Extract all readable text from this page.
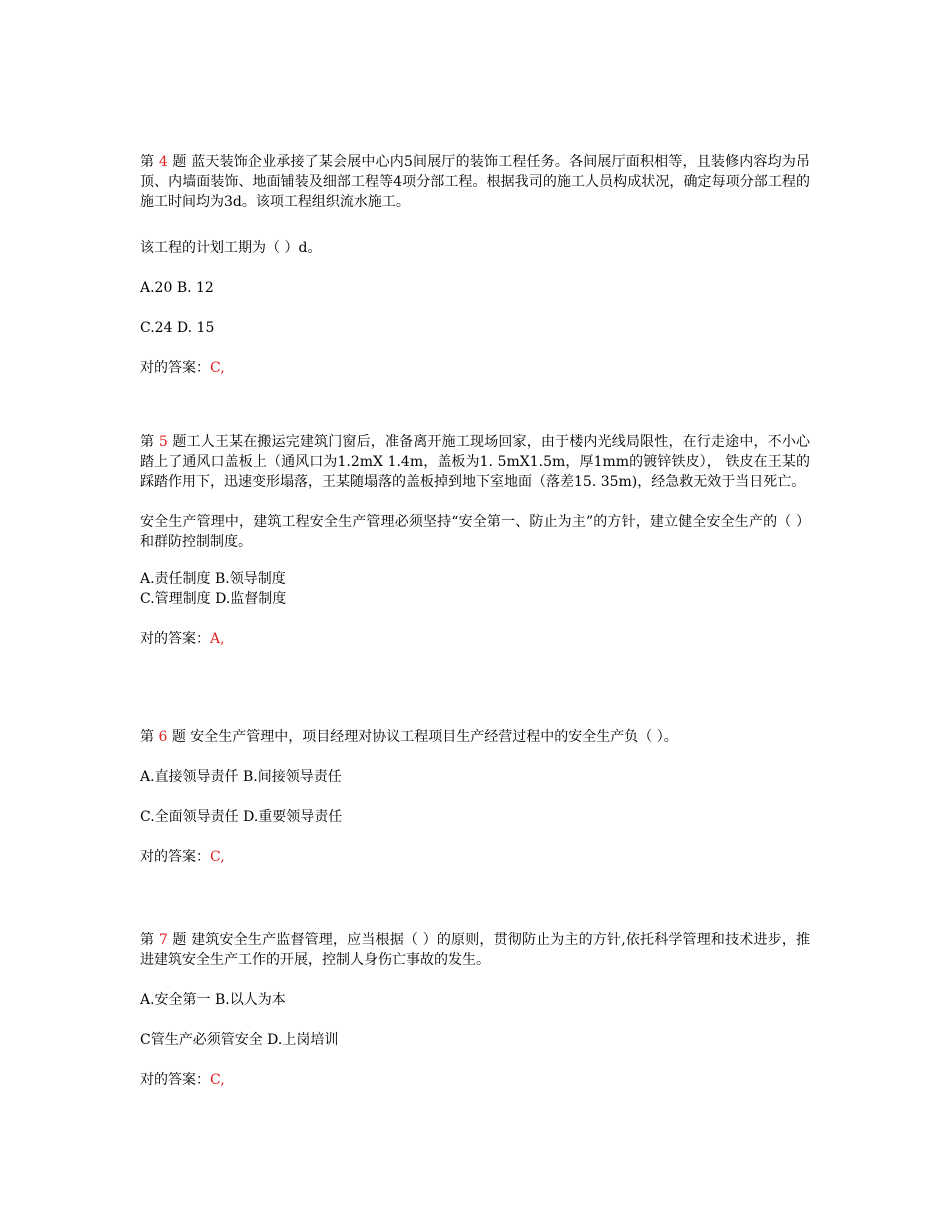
第 4 题 蓝天装饰企业承接了某会展中心内5间展厅的装饰工程任务。各间展厅面积相等，且装修内容均为吊顶、内墙面装饰、地面铺装及细部工程等4项分部工程。根据我司的施工人员构成状况，确定每项分部工程的施工时间均为3d。该项工程组织流水施工。

该工程的计划工期为（ ）d。

A.20 B. 12

C.24 D. 15

对的答案：C,

第 5 题工人王某在搬运完建筑门窗后，准备离开施工现场回家，由于楼内光线局限性，在行走途中，不小心踏上了通风口盖板上（通风口为1.2mX 1.4m，盖板为1. 5mX1.5m，厚1mm的镀锌铁皮）， 铁皮在王某的踩踏作用下，迅速变形塌落，王某随塌落的盖板掉到地下室地面（落差15. 35m)，经急救无效于当日死亡。

安全生产管理中，建筑工程安全生产管理必须坚持“安全第一、防止为主”的方针，建立健全安全生产的（ ）和群防控制制度。

A.责任制度 B.领导制度

C.管理制度 D.监督制度

对的答案：A,

第 6 题 安全生产管理中，项目经理对协议工程项目生产经营过程中的安全生产负（ ）。

A.直接领导责仟 B.间接领导责任

C.全面领导责任 D.重要领导责任

对的答案：C,

第 7 题 建筑安全生产监督管理，应当根据（ ）的原则，贯彻防止为主的方针,依托科学管理和技术进步，推进建筑安全生产工作的开展，控制人身伤亡事故的发生。

A.安全第一 B.以人为本

C管生产必须管安全 D.上岗培训

对的答案：C,
